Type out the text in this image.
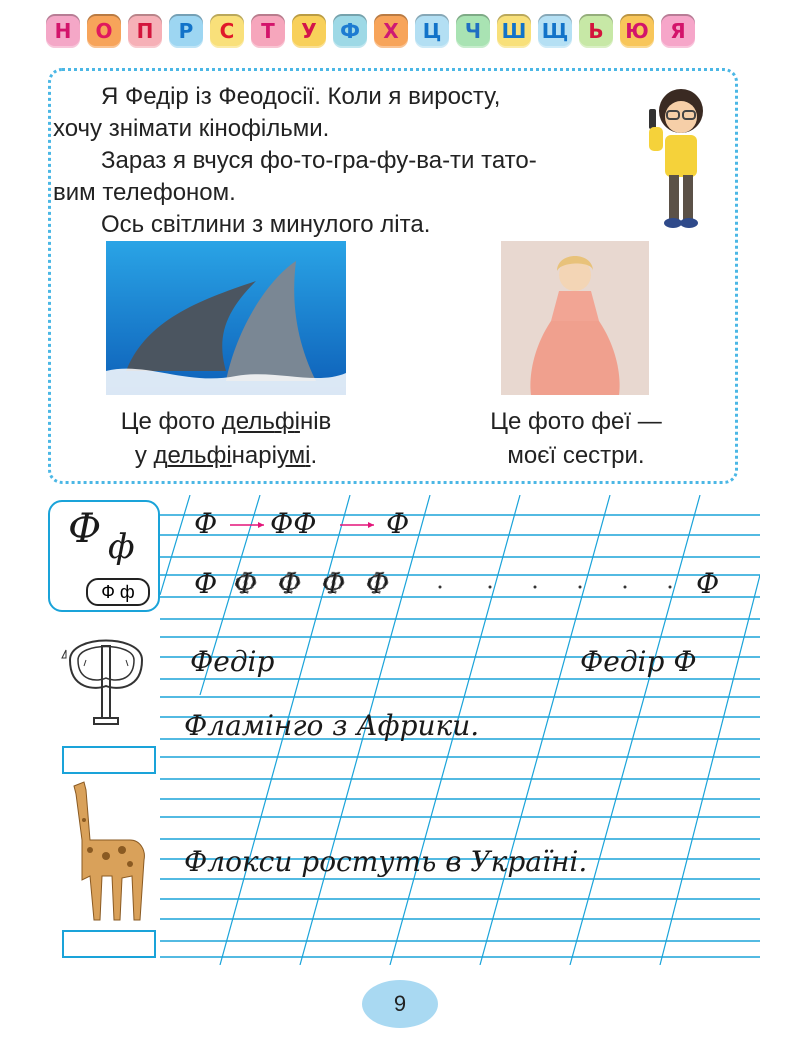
Н	О	П	Р	С	Т	У	Ф	Х	Ц	Ч	Ш Щ	Ь	Ю	Я

Я Федір із Феодосії. Коли я виросту,

хочу знімати кінофільми.

Зараз я вчуся фо-то-гра-фу-ва-ти тато-

вим телефоном.

Ось світлини з минулого літа.

Це фото дельфінів
у дельфінаріумі.
Це фото феї —
моєї сестри.
Ф ф
Ф ф
Ф ФФ Ф
Ф Ф Ф Ф Ф	Ф
Федір	Федір Ф
Фламінго з Африки.
Флокси ростуть в Україні.
9
